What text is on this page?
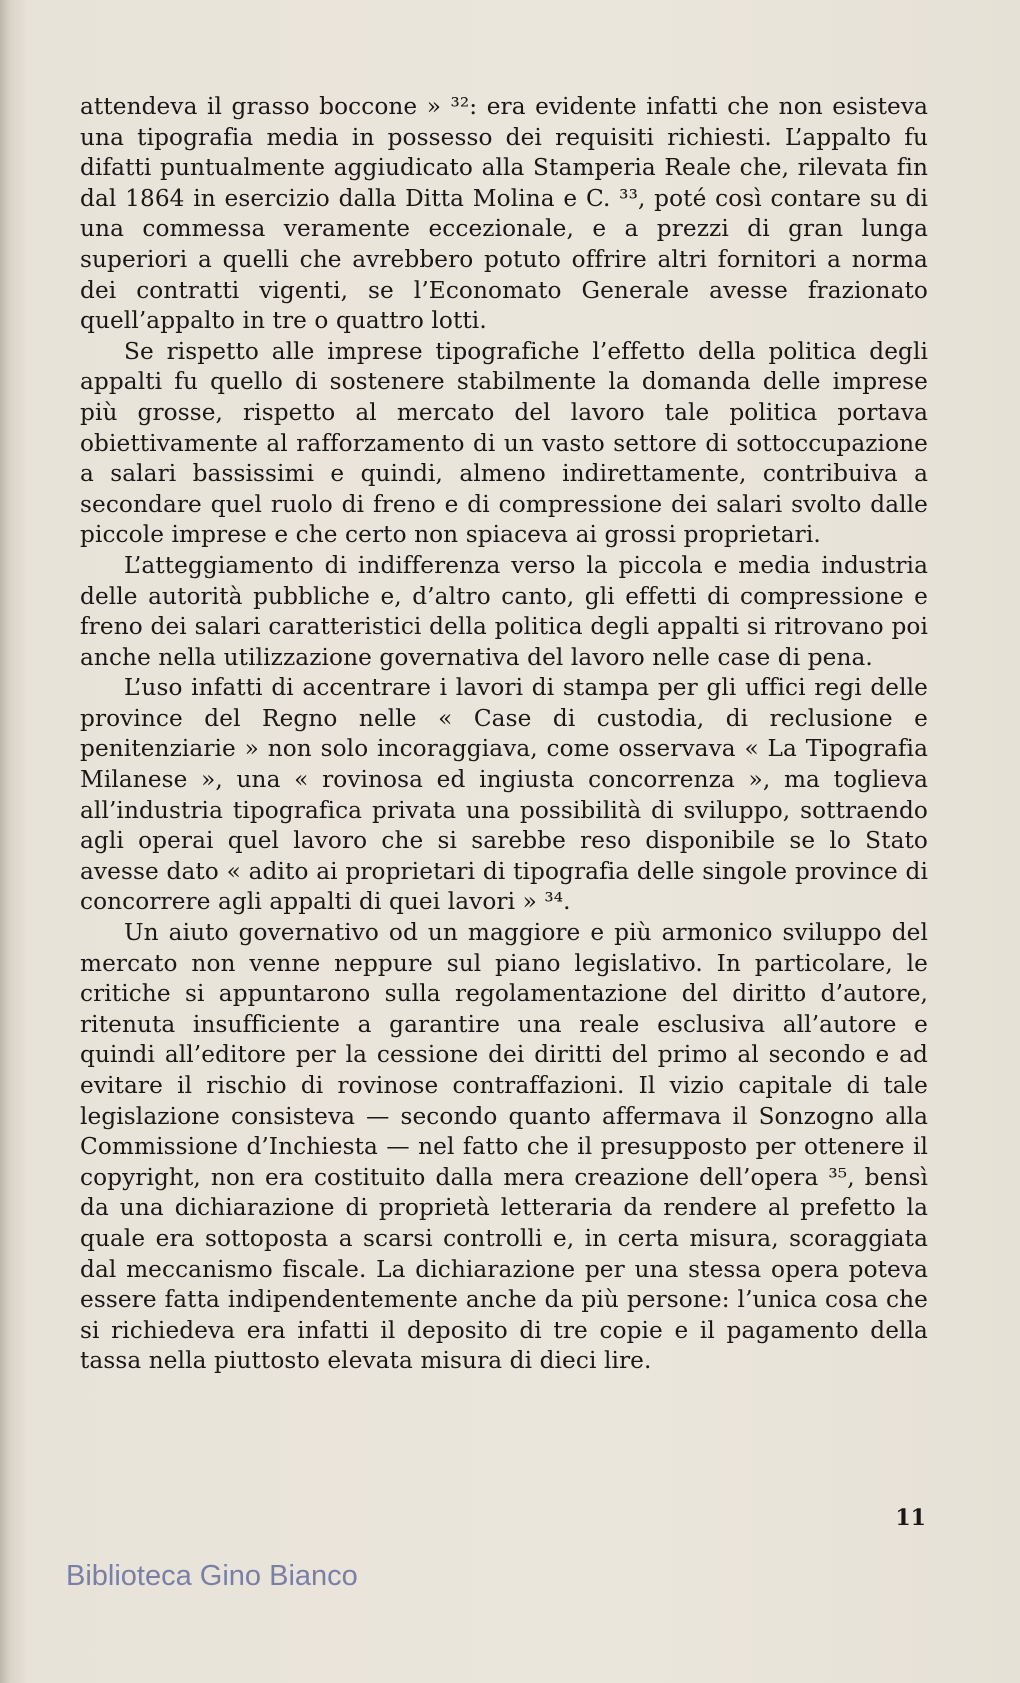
attendeva il grasso boccone » ³²: era evidente infatti che non esisteva una tipografia media in possesso dei requisiti richiesti. L’appalto fu difatti puntualmente aggiudicato alla Stamperia Reale che, rilevata fin dal 1864 in esercizio dalla Ditta Molina e C. ³³, poté così contare su di una commessa veramente eccezionale, e a prezzi di gran lunga superiori a quelli che avrebbero potuto offrire altri fornitori a norma dei contratti vigenti, se l’Economato Generale avesse frazionato quell’appalto in tre o quattro lotti.

Se rispetto alle imprese tipografiche l’effetto della politica degli appalti fu quello di sostenere stabilmente la domanda delle imprese più grosse, rispetto al mercato del lavoro tale politica portava obiettivamente al rafforzamento di un vasto settore di sottoccupazione a salari bassissimi e quindi, almeno indirettamente, contribuiva a secondare quel ruolo di freno e di compressione dei salari svolto dalle piccole imprese e che certo non spiaceva ai grossi proprietari.

L’atteggiamento di indifferenza verso la piccola e media industria delle autorità pubbliche e, d’altro canto, gli effetti di compressione e freno dei salari caratteristici della politica degli appalti si ritrovano poi anche nella utilizzazione governativa del lavoro nelle case di pena.

L’uso infatti di accentrare i lavori di stampa per gli uffici regi delle province del Regno nelle « Case di custodia, di reclusione e penitenziarie » non solo incoraggiava, come osservava « La Tipografia Milanese », una « rovinosa ed ingiusta concorrenza », ma toglieva all’industria tipografica privata una possibilità di sviluppo, sottraendo agli operai quel lavoro che si sarebbe reso disponibile se lo Stato avesse dato « adito ai proprietari di tipografia delle singole province di concorrere agli appalti di quei lavori » ³⁴.

Un aiuto governativo od un maggiore e più armonico sviluppo del mercato non venne neppure sul piano legislativo. In particolare, le critiche si appuntarono sulla regolamentazione del diritto d’autore, ritenuta insufficiente a garantire una reale esclusiva all’autore e quindi all’editore per la cessione dei diritti del primo al secondo e ad evitare il rischio di rovinose contraffazioni. Il vizio capitale di tale legislazione consisteva — secondo quanto affermava il Sonzogno alla Commissione d’Inchiesta — nel fatto che il presupposto per ottenere il copyright, non era costituito dalla mera creazione dell’opera ³⁵, bensì da una dichiarazione di proprietà letteraria da rendere al prefetto la quale era sottoposta a scarsi controlli e, in certa misura, scoraggiata dal meccanismo fiscale. La dichiarazione per una stessa opera poteva essere fatta indipendentemente anche da più persone: l’unica cosa che si richiedeva era infatti il deposito di tre copie e il pagamento della tassa nella piuttosto elevata misura di dieci lire.

11
Biblioteca Gino Bianco
